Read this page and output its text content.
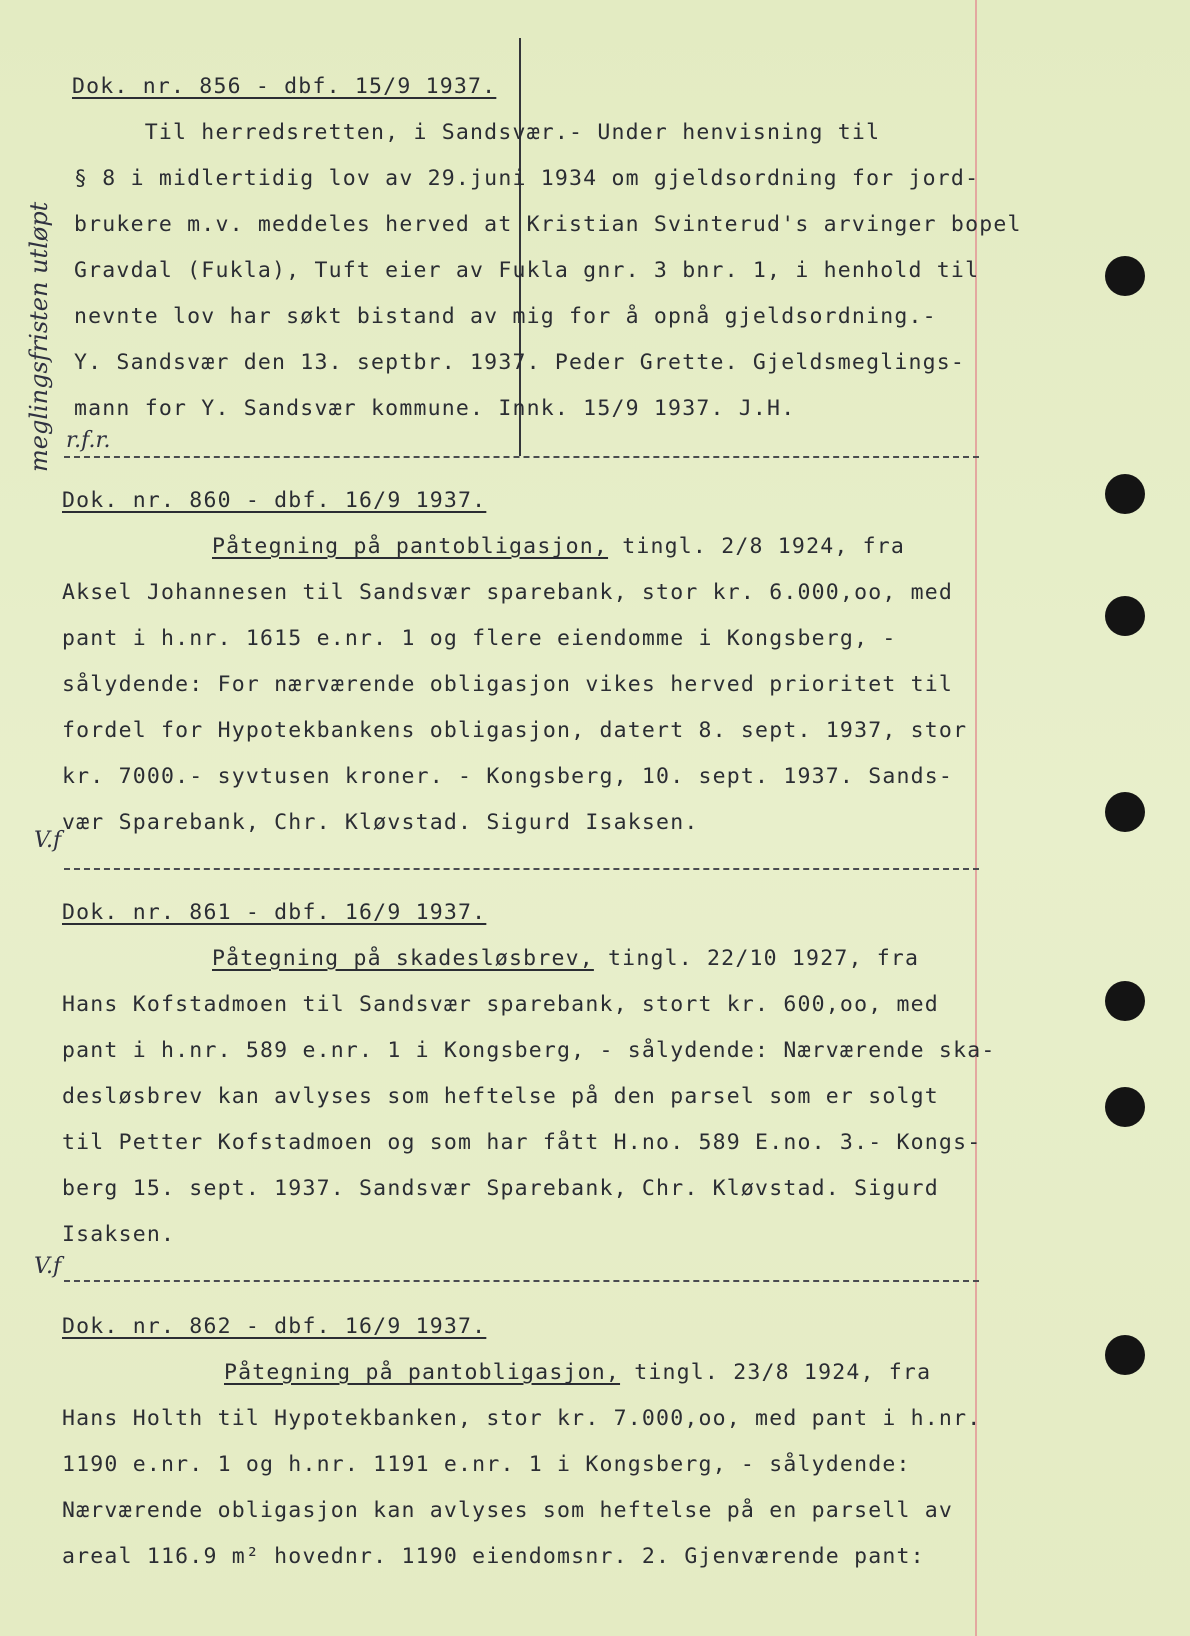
meglingsfristen utløpt r.f.r.
V.f
V.f
Dok. nr. 856 - dbf. 15/9 1937.
Til herredsretten, i Sandsvær.- Under henvisning til
§ 8 i midlertidig lov av 29.juni 1934 om gjeldsordning for jord-
brukere m.v. meddeles herved at Kristian Svinterud's arvinger bopel
Gravdal (Fukla), Tuft eier av Fukla gnr. 3 bnr. 1, i henhold til
nevnte lov har søkt bistand av mig for å opnå gjeldsordning.-
Y. Sandsvær den 13. septbr. 1937. Peder Grette. Gjeldsmeglings-
mann for Y. Sandsvær kommune. Innk. 15/9 1937. J.H.
Dok. nr. 860 - dbf. 16/9 1937.
Påtegning på pantobligasjon, tingl. 2/8 1924, fra
Aksel Johannesen til Sandsvær sparebank, stor kr. 6.000,oo, med
pant i h.nr. 1615 e.nr. 1 og flere eiendomme i Kongsberg, -
sålydende: For nærværende obligasjon vikes herved prioritet til
fordel for Hypotekbankens obligasjon, datert 8. sept. 1937, stor
kr. 7000.- syvtusen kroner. - Kongsberg, 10. sept. 1937. Sands-
vær Sparebank, Chr. Kløvstad. Sigurd Isaksen.
Dok. nr. 861 - dbf. 16/9 1937.
Påtegning på skadesløsbrev, tingl. 22/10 1927, fra
Hans Kofstadmoen til Sandsvær sparebank, stort kr. 600,oo, med
pant i h.nr. 589 e.nr. 1 i Kongsberg, - sålydende: Nærværende ska-
desløsbrev kan avlyses som heftelse på den parsel som er solgt
til Petter Kofstadmoen og som har fått H.no. 589 E.no. 3.- Kongs-
berg 15. sept. 1937. Sandsvær Sparebank, Chr. Kløvstad. Sigurd
Isaksen.
Dok. nr. 862 - dbf. 16/9 1937.
Påtegning på pantobligasjon, tingl. 23/8 1924, fra
Hans Holth til Hypotekbanken, stor kr. 7.000,oo, med pant i h.nr.
1190 e.nr. 1 og h.nr. 1191 e.nr. 1 i Kongsberg, - sålydende:
Nærværende obligasjon kan avlyses som heftelse på en parsell av
areal 116.9 m² hovednr. 1190 eiendomsnr. 2. Gjenværende pant:
